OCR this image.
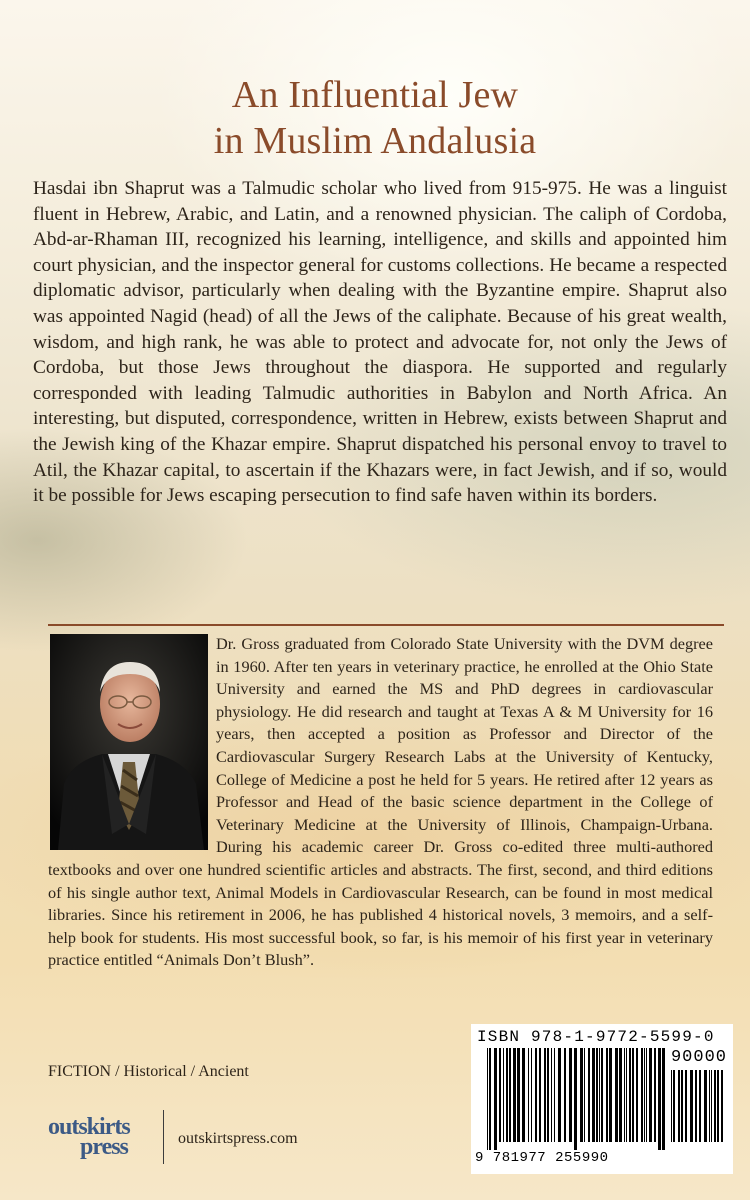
An Influential Jew
in Muslim Andalusia

Hasdai ibn Shaprut was a Talmudic scholar who lived from 915-975. He was a linguist fluent in Hebrew, Arabic, and Latin, and a renowned physician. The caliph of Cordoba, Abd-ar-Rhaman III, recognized his learning, intelligence, and skills and appointed him court physician, and the inspector general for customs collections. He became a respected diplomatic advisor, particularly when dealing with the Byzantine empire. Shaprut also was appointed Nagid (head) of all the Jews of the caliphate. Because of his great wealth, wisdom, and high rank, he was able to protect and advocate for, not only the Jews of Cordoba, but those Jews throughout the diaspora. He supported and regularly corresponded with leading Talmudic authorities in Babylon and North Africa. An interesting, but disputed, correspondence, written in Hebrew, exists between Shaprut and the Jewish king of the Khazar empire. Shaprut dispatched his personal envoy to travel to Atil, the Khazar capital, to ascertain if the Khazars were, in fact Jewish, and if so, would it be possible for Jews escaping persecution to find safe haven within its borders.

Dr. Gross graduated from Colorado State University with the DVM degree in 1960. After ten years in veterinary practice, he enrolled at the Ohio State University and earned the MS and PhD degrees in cardiovascular physiology. He did research and taught at Texas A & M University for 16 years, then accepted a position as Professor and Director of the Cardiovascular Surgery Research Labs at the University of Kentucky, College of Medicine a post he held for 5 years. He retired after 12 years as Professor and Head of the basic science department in the College of Veterinary Medicine at the University of Illinois, Champaign-Urbana. During his academic career Dr. Gross co-edited three multi-authored textbooks and over one hundred scientific articles and abstracts. The first, second, and third editions of his single author text, Animal Models in Cardiovascular Research, can be found in most medical libraries. Since his retirement in 2006, he has published 4 historical novels, 3 memoirs, and a self-help book for students. His most successful book, so far, is his memoir of his first year in veterinary practice entitled “Animals Don’t Blush”.

FICTION / Historical / Ancient
outskirts
press	outskirtspress.com
ISBN 978-1-9772-5599-0
90000
9 781977 255990
